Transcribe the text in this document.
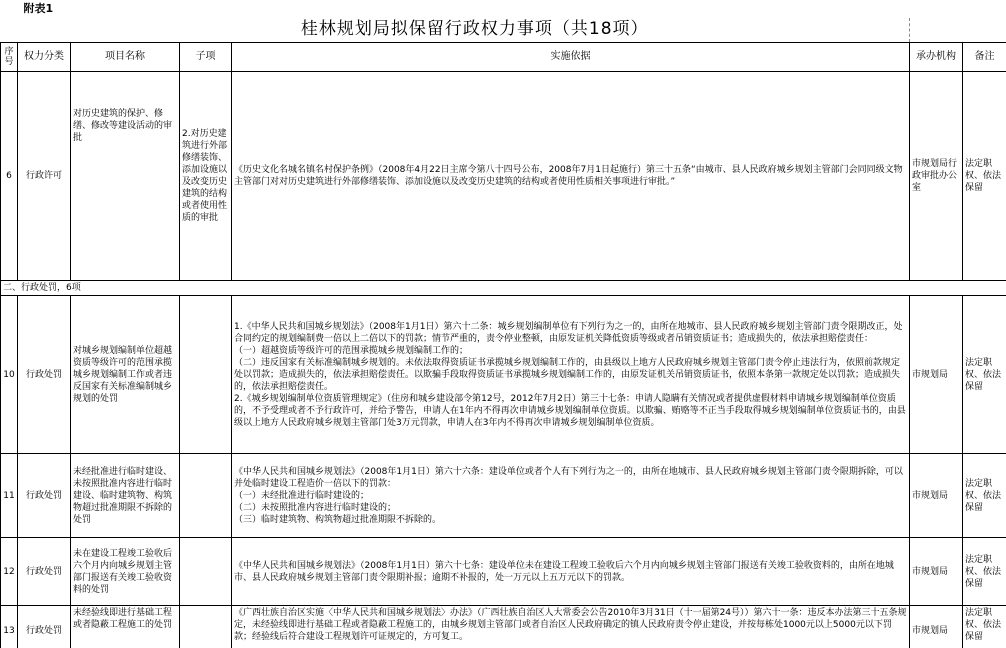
	附表1					
桂林规划局拟保留行政权力事项（共18项）						

序号	权力分类	项目名称	子项	实施依据	承办机构	备注
6	行政许可	对历史建筑的保护、修缮、修改等建设活动的审批	2.对历史建筑进行外部修缮装饰、添加设施以及改变历史建筑的结构或者使用性质的审批	《历史文化名城名镇名村保护条例》（2008年4月22日主席令第八十四号公布，2008年7月1日起施行）第三十五条“由城市、县人民政府城乡规划主管部门会同同级文物主管部门对对历史建筑进行外部修缮装饰、添加设施以及改变历史建筑的结构或者使用性质相关事项进行审批。”	市规划局行政审批办公室	法定职权、依法保留
二、行政处罚，6项						
10	行政处罚	对城乡规划编制单位超越资质等级许可的范围承揽城乡规划编制工作或者违反国家有关标准编制城乡规划的处罚		1.《中华人民共和国城乡规划法》（2008年1月1日）第六十二条：城乡规划编制单位有下列行为之一的，由所在地城市、县人民政府城乡规划主管部门责令限期改正，处合同约定的规划编制费一倍以上二倍以下的罚款；情节严重的，责令停业整顿，由原发证机关降低资质等级或者吊销资质证书；造成损失的，依法承担赔偿责任：

（一）超越资质等级许可的范围承揽城乡规划编制工作的；

（二）违反国家有关标准编制城乡规划的。未依法取得资质证书承揽城乡规划编制工作的，由县级以上地方人民政府城乡规划主管部门责令停止违法行为，依照前款规定处以罚款；造成损失的，依法承担赔偿责任。以欺骗手段取得资质证书承揽城乡规划编制工作的，由原发证机关吊销资质证书，依照本条第一款规定处以罚款；造成损失的，依法承担赔偿责任。

2.《城乡规划编制单位资质管理规定》（住房和城乡建设部令第12号，2012年7月2日）第三十七条：申请人隐瞒有关情况或者提供虚假材料申请城乡规划编制单位资质的，不予受理或者不予行政许可，并给予警告，申请人在1年内不得再次申请城乡规划编制单位资质。以欺骗、贿赂等不正当手段取得城乡规划编制单位资质证书的，由县级以上地方人民政府城乡规划主管部门处3万元罚款，申请人在3年内不得再次申请城乡规划编制单位资质。	市规划局	法定职权、依法保留
11	行政处罚	未经批准进行临时建设、未按照批准内容进行临时建设、临时建筑物、构筑物超过批准期限不拆除的处罚		《中华人民共和国城乡规划法》（2008年1月1日）第六十六条：建设单位或者个人有下列行为之一的，由所在地城市、县人民政府城乡规划主管部门责令限期拆除，可以并处临时建设工程造价一倍以下的罚款：

（一）未经批准进行临时建设的；

（二）未按照批准内容进行临时建设的；

（三）临时建筑物、构筑物超过批准期限不拆除的。	市规划局	法定职权、依法保留
12	行政处罚	未在建设工程竣工验收后六个月内向城乡规划主管部门报送有关竣工验收资料的处罚		《中华人民共和国城乡规划法》（2008年1月1日）第六十七条：建设单位未在建设工程竣工验收后六个月内向城乡规划主管部门报送有关竣工验收资料的，由所在地城市、县人民政府城乡规划主管部门责令限期补报；逾期不补报的，处一万元以上五万元以下的罚款。	市规划局	法定职权、依法保留
13	行政处罚	未经验线即进行基础工程或者隐蔽工程施工的处罚		《广西壮族自治区实施〈中华人民共和国城乡规划法〉办法》（广西壮族自治区人大常委会公告2010年3月31日（十一届第24号））第六十一条：违反本办法第三十五条规定，未经验线即进行基础工程或者隐蔽工程施工的，由城乡规划主管部门或者自治区人民政府确定的镇人民政府责令停止建设，并按每栋处1000元以上5000元以下罚款；经验线后符合建设工程规划许可证规定的，方可复工。	市规划局	法定职权、依法保留
